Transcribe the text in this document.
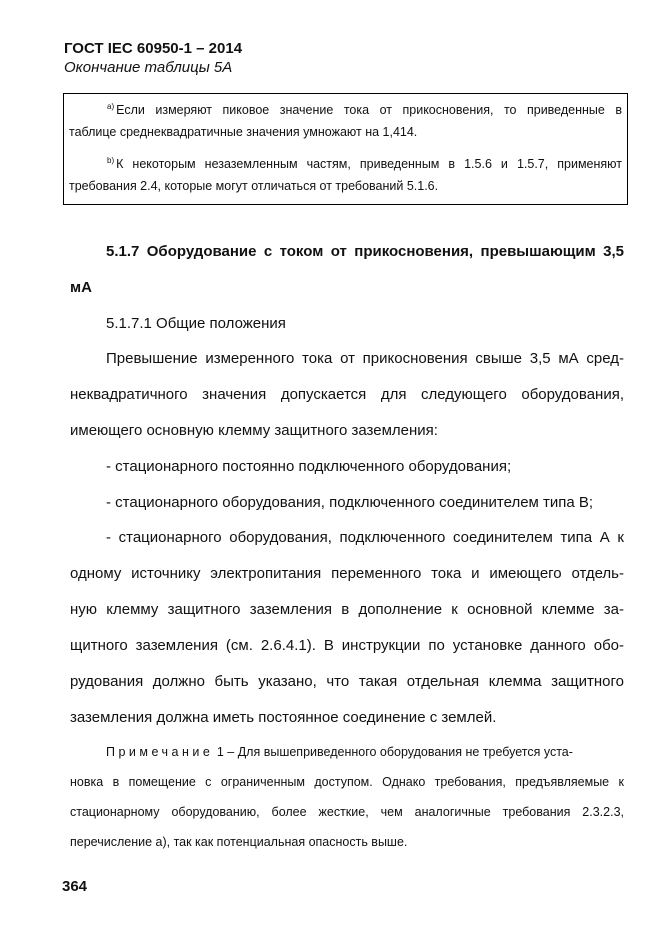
ГОСТ IEC 60950-1 – 2014
Окончание таблицы 5А
$^{a)}$ Если измеряют пиковое значение тока от прикосновения, то приведенные в
таблице среднеквадратичные значения умножают на 1,414.
$^{b)}$ К некоторым незаземленным частям, приведенным в 1.5.6 и 1.5.7, применяют
требования 2.4, которые могут отличаться от требований 5.1.6.
5.1.7 Оборудование с током от прикосновения, превышающим 3,5
мА
5.1.7.1 Общие положения
Превышение измеренного тока от прикосновения свыше 3,5 мА сред-
неквадратичного значения допускается для следующего оборудования,
имеющего основную клемму защитного заземления:
- стационарного постоянно подключенного оборудования;
- стационарного оборудования, подключенного соединителем типа В;
- стационарного оборудования, подключенного соединителем типа А к
одному источнику электропитания переменного тока и имеющего отдель-
ную клемму защитного заземления в дополнение к основной клемме за-
щитного заземления (см. 2.6.4.1). В инструкции по установке данного обо-
рудования должно быть указано, что такая отдельная клемма защитного
заземления должна иметь постоянное соединение с землей.
Примечание 1 – Для вышеприведенного оборудования не требуется уста-
новка в помещение с ограниченным доступом. Однако требования, предъявляемые к
стационарному оборудованию, более жесткие, чем аналогичные требования 2.3.2.3,
перечисление а), так как потенциальная опасность выше.
364
